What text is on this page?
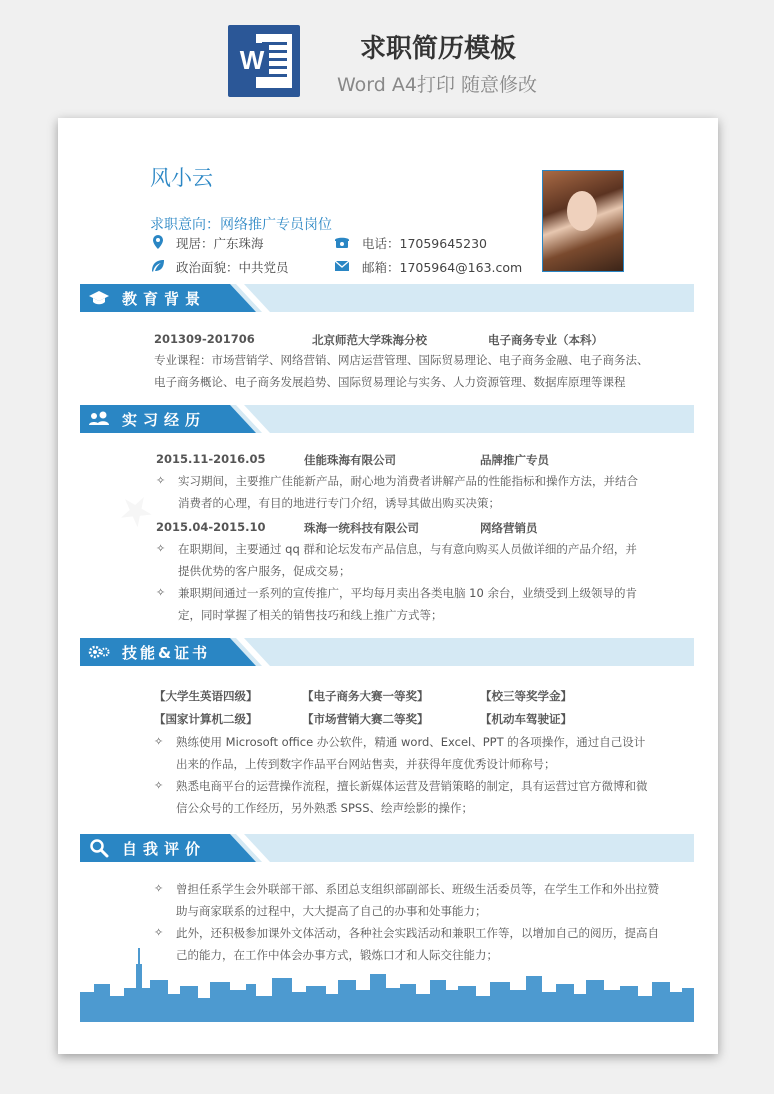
W	求职简历模板
Word A4打印 随意修改
★
风小云
求职意向：网络推广专员岗位
现居：广东珠海	电话：17059645230
政治面貌：中共党员	邮箱：1705964@163.com
教育背景
201309-201706	北京师范大学珠海分校	电子商务专业（本科）
专业课程：市场营销学、网络营销、网店运营管理、国际贸易理论、电子商务金融、电子商务法、
电子商务概论、电子商务发展趋势、国际贸易理论与实务、人力资源管理、数据库原理等课程
实习经历
2015.11-2016.05	佳能珠海有限公司	品牌推广专员
✧ 实习期间，主要推广佳能新产品，耐心地为消费者讲解产品的性能指标和操作方法，并结合
消费者的心理，有目的地进行专门介绍，诱导其做出购买决策；
2015.04-2015.10	珠海一统科技有限公司	网络营销员
✧ 在职期间，主要通过 qq 群和论坛发布产品信息，与有意向购买人员做详细的产品介绍，并
提供优势的客户服务，促成交易；
✧ 兼职期间通过一系列的宣传推广，平均每月卖出各类电脑 10 余台，业绩受到上级领导的肯
定，同时掌握了相关的销售技巧和线上推广方式等；
技能&证书
【大学生英语四级】	【电子商务大赛一等奖】	【校三等奖学金】
【国家计算机二级】	【市场营销大赛二等奖】	【机动车驾驶证】
✧ 熟练使用 Microsoft office 办公软件，精通 word、Excel、PPT 的各项操作，通过自己设计
出来的作品，上传到数字作品平台网站售卖，并获得年度优秀设计师称号；
✧ 熟悉电商平台的运营操作流程，擅长新媒体运营及营销策略的制定，具有运营过官方微博和微
信公众号的工作经历，另外熟悉 SPSS、绘声绘影的操作；
自我评价
✧ 曾担任系学生会外联部干部、系团总支组织部副部长、班级生活委员等，在学生工作和外出拉赞
助与商家联系的过程中，大大提高了自己的办事和处事能力；
✧ 此外，还积极参加课外文体活动，各种社会实践活动和兼职工作等，以增加自己的阅历，提高自
己的能力，在工作中体会办事方式，锻炼口才和人际交往能力；
